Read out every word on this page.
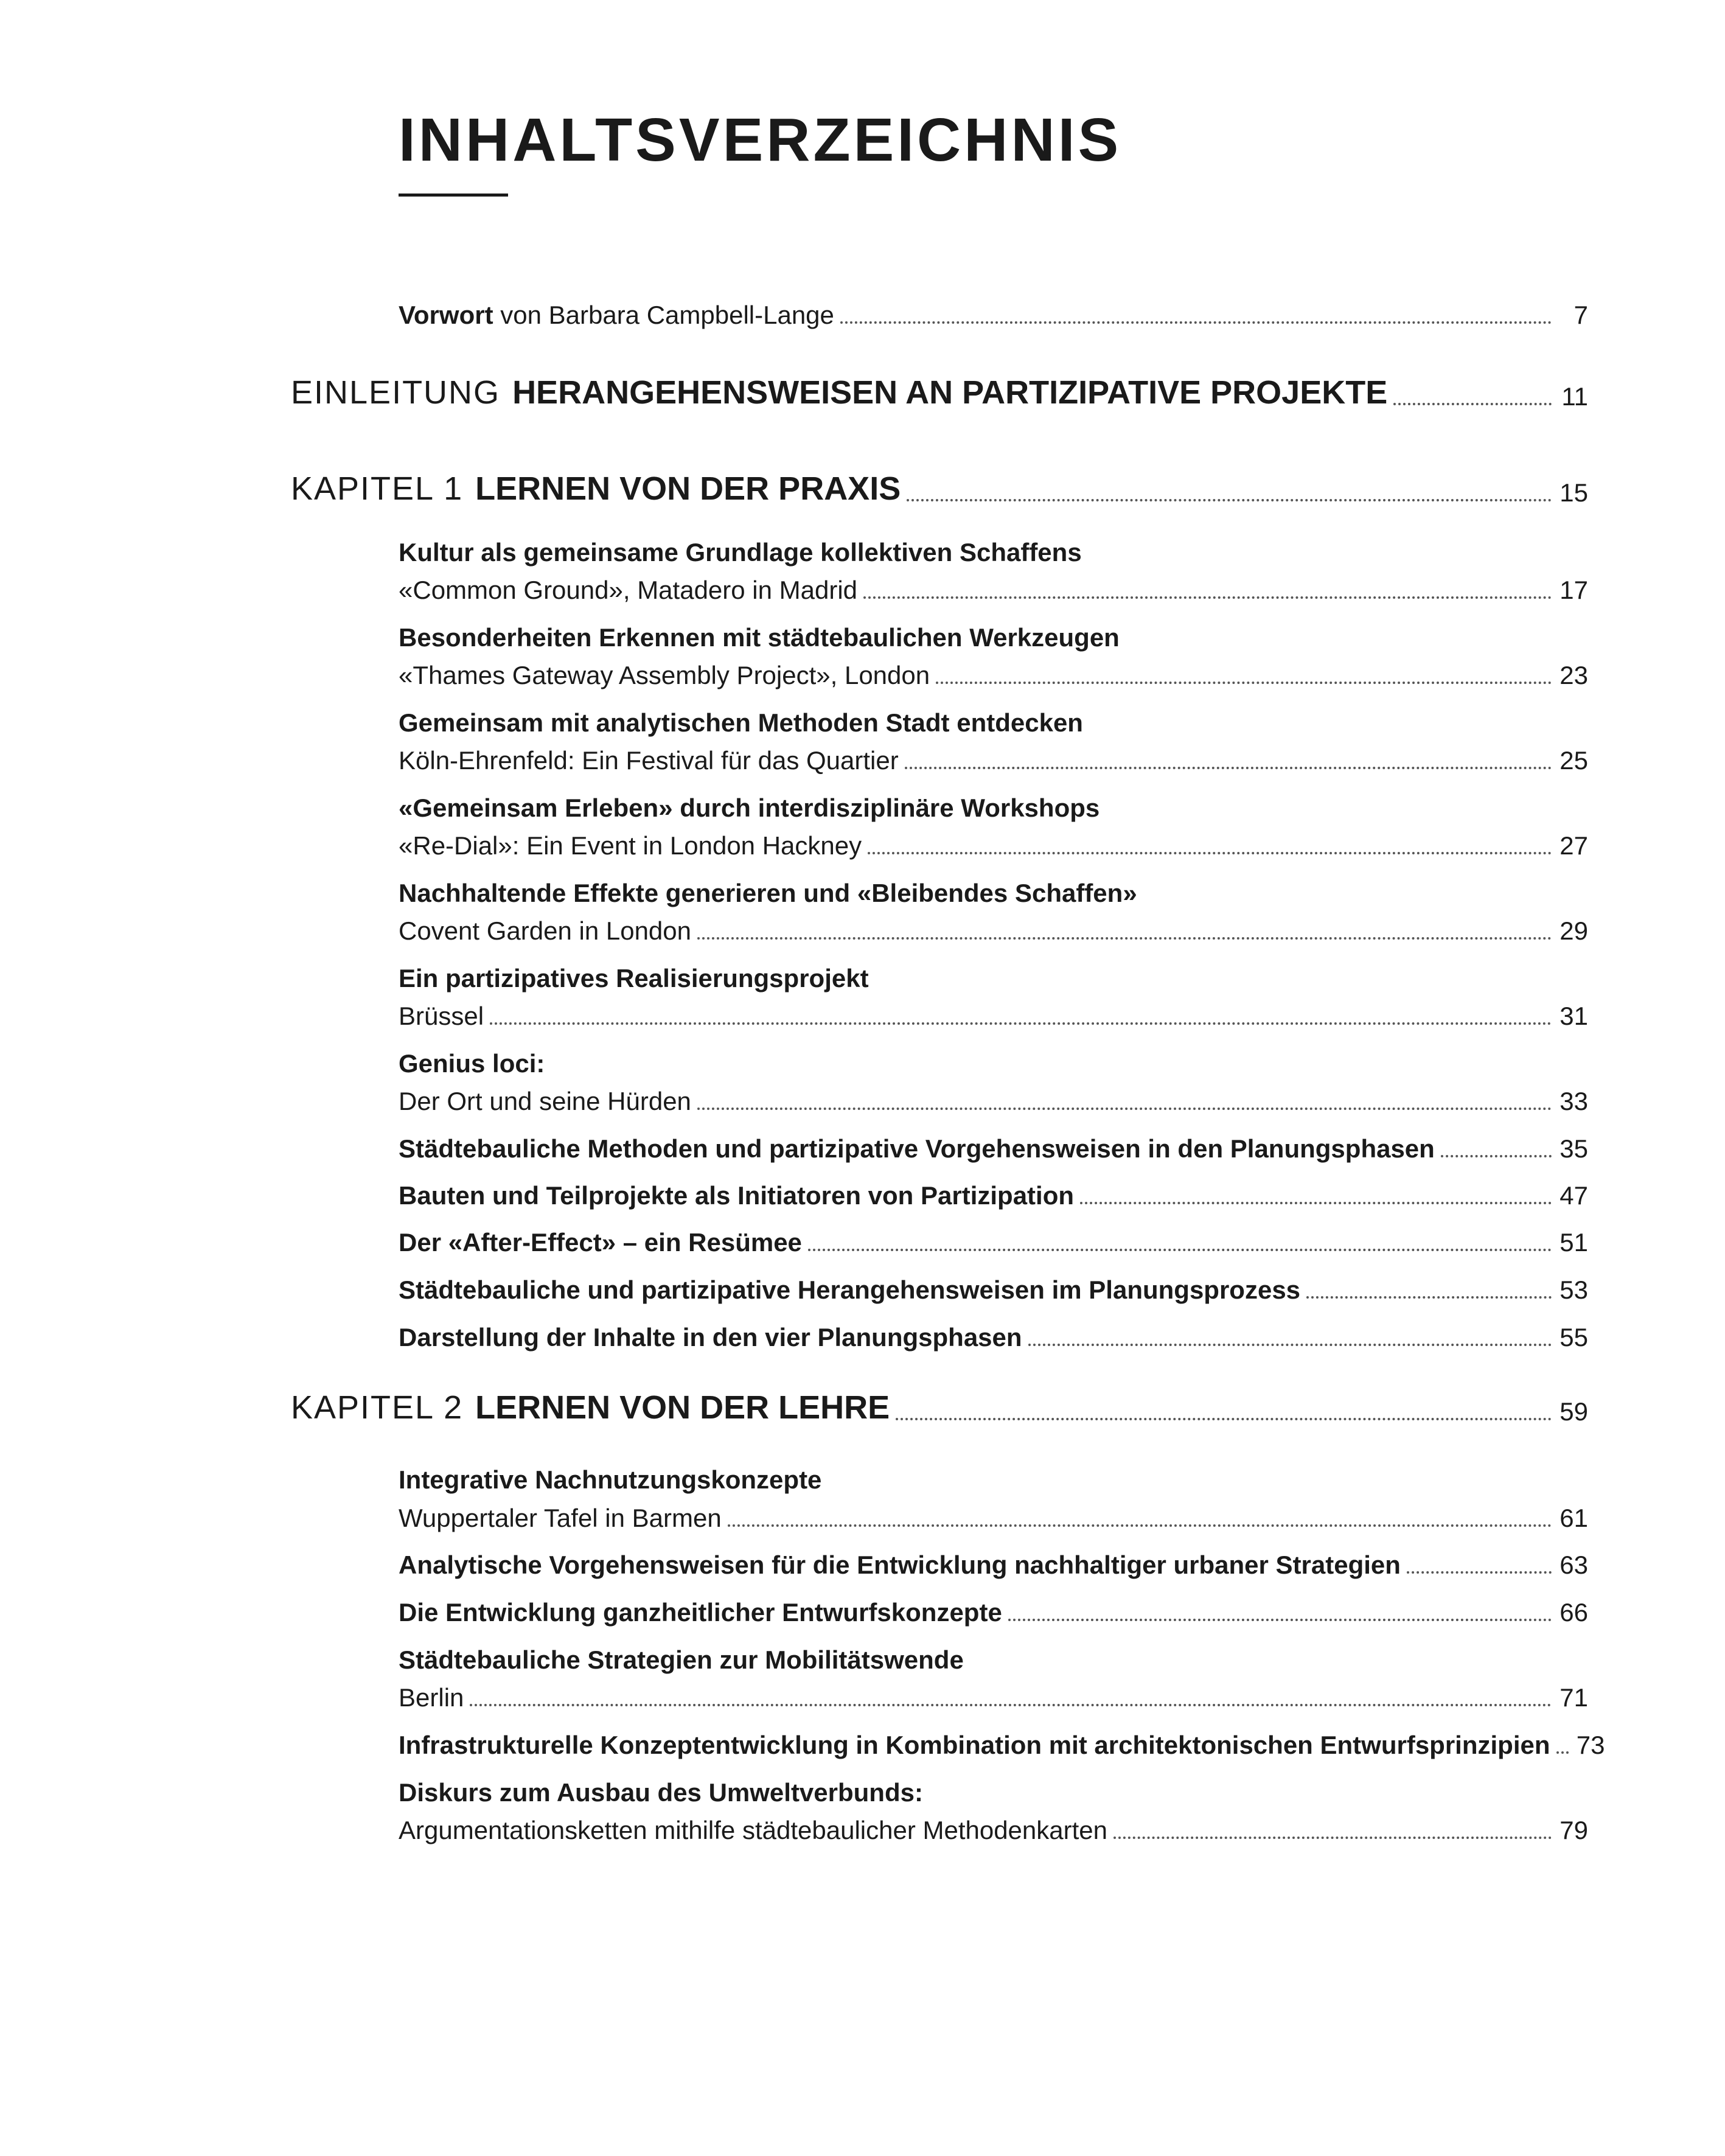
INHALTSVERZEICHNIS
Vorwort von Barbara Campbell-Lange	7
EINLEITUNG HERANGEHENSWEISEN AN PARTIZIPATIVE PROJEKTE	11
KAPITEL 1 LERNEN VON DER PRAXIS	15
Kultur als gemeinsame Grundlage kollektiven Schaffens
«Common Ground», Matadero in Madrid	17
Besonderheiten Erkennen mit städtebaulichen Werkzeugen
«Thames Gateway Assembly Project», London	23
Gemeinsam mit analytischen Methoden Stadt entdecken
Köln-Ehrenfeld: Ein Festival für das Quartier	25
«Gemeinsam Erleben» durch interdisziplinäre Workshops
«Re-Dial»: Ein Event in London Hackney	27
Nachhaltende Effekte generieren und «Bleibendes Schaffen»
Covent Garden in London	29
Ein partizipatives Realisierungsprojekt
Brüssel	31
Genius loci:
Der Ort und seine Hürden	33
Städtebauliche Methoden und partizipative Vorgehensweisen in den Planungsphasen	35
Bauten und Teilprojekte als Initiatoren von Partizipation	47
Der «After-Effect» – ein Resümee	51
Städtebauliche und partizipative Herangehensweisen im Planungsprozess	53
Darstellung der Inhalte in den vier Planungsphasen	55
KAPITEL 2 LERNEN VON DER LEHRE	59
Integrative Nachnutzungskonzepte
Wuppertaler Tafel in Barmen	61
Analytische Vorgehensweisen für die Entwicklung nachhaltiger urbaner Strategien	63
Die Entwicklung ganzheitlicher Entwurfskonzepte	66
Städtebauliche Strategien zur Mobilitätswende
Berlin	71
Infrastrukturelle Konzeptentwicklung in Kombination mit architektonischen Entwurfsprinzipien 73
Diskurs zum Ausbau des Umweltverbunds:
Argumentationsketten mithilfe städtebaulicher Methodenkarten	79
